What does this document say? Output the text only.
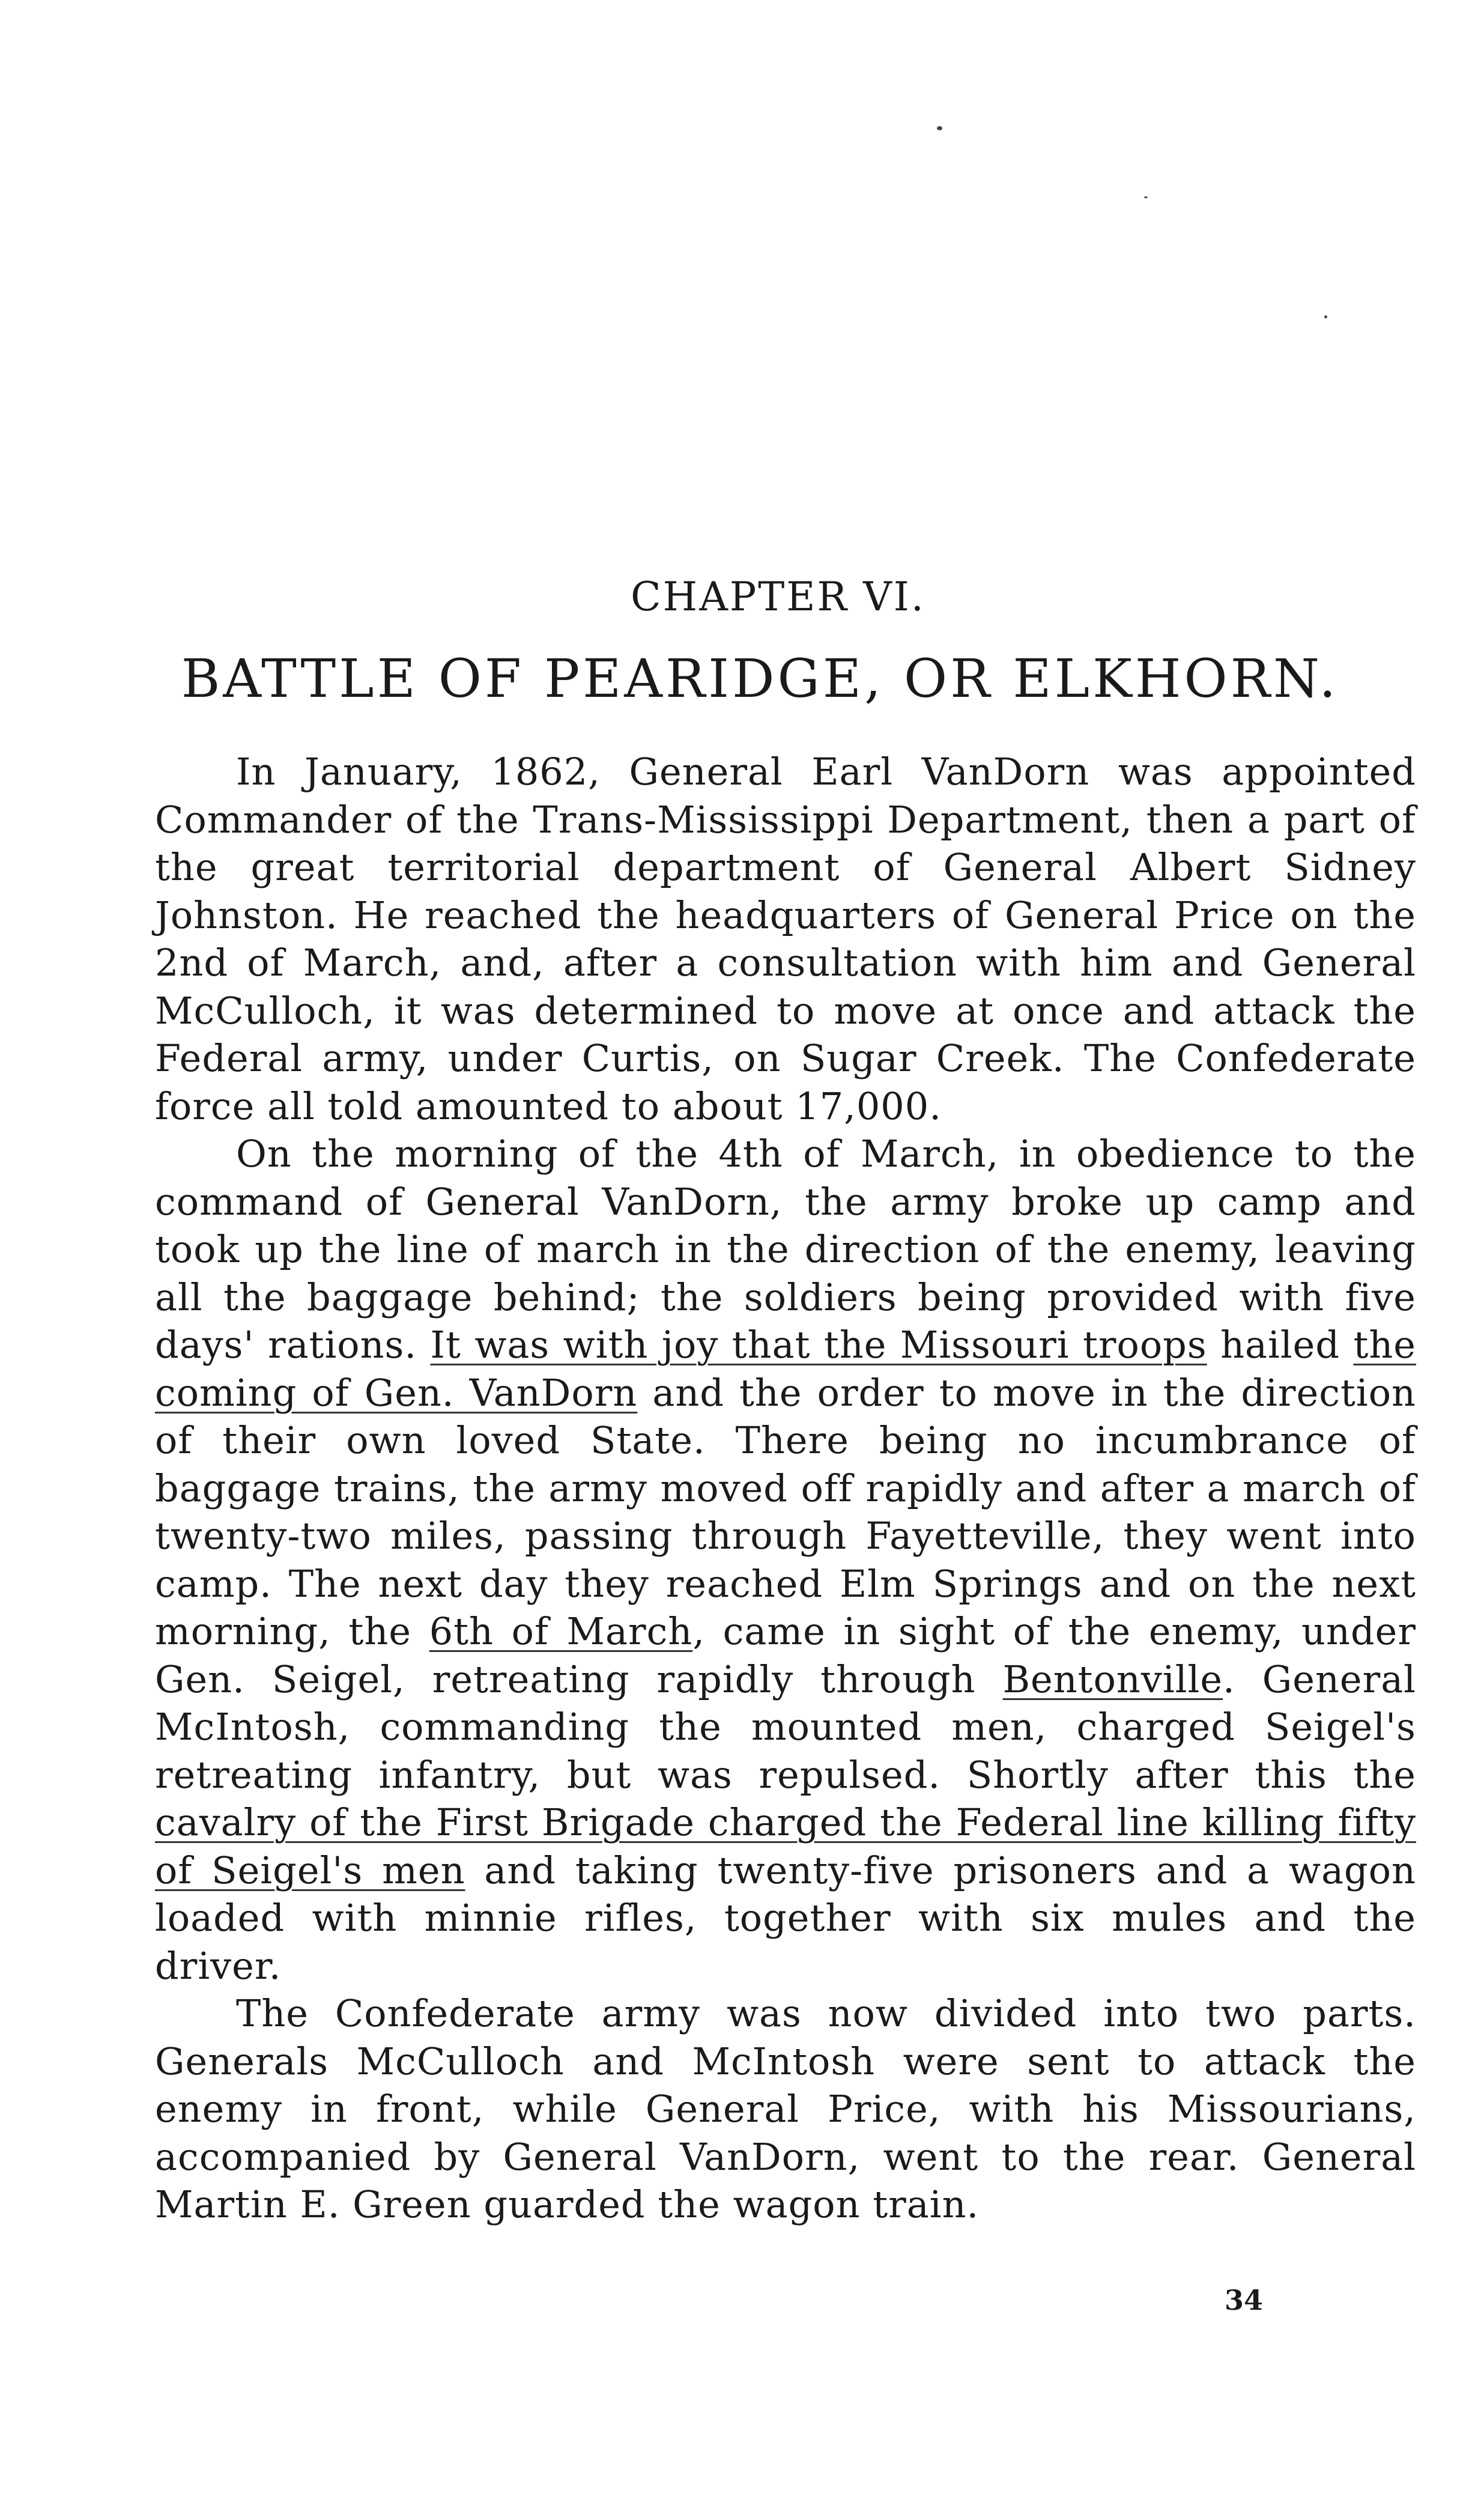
CHAPTER VI.
BATTLE OF PEARIDGE, OR ELKHORN.

In January, 1862, General Earl VanDorn was appointed Commander of the Trans-Mississippi Department, then a part of the great territorial department of General Albert Sidney Johnston. He reached the headquarters of General Price on the 2nd of March, and, after a consultation with him and General McCulloch, it was determined to move at once and attack the Federal army, under Curtis, on Sugar Creek. The Confederate force all told amounted to about 17,000.

On the morning of the 4th of March, in obedience to the command of General VanDorn, the army broke up camp and took up the line of march in the direction of the enemy, leaving all the baggage behind; the soldiers being provided with five days' rations. It was with joy that the Missouri troops hailed the coming of Gen. VanDorn and the order to move in the direction of their own loved State. There being no incumbrance of baggage trains, the army moved off rapidly and after a march of twenty-two miles, passing through Fayetteville, they went into camp. The next day they reached Elm Springs and on the next morning, the 6th of March, came in sight of the enemy, under Gen. Seigel, retreating rapidly through Bentonville. General McIntosh, commanding the mounted men, charged Seigel's retreating infantry, but was repulsed. Shortly after this the cavalry of the First Brigade charged the Federal line killing fifty of Seigel's men and taking twenty-five prisoners and a wagon loaded with minnie rifles, together with six mules and the driver.

The Confederate army was now divided into two parts. Generals McCulloch and McIntosh were sent to attack the enemy in front, while General Price, with his Missourians, accompanied by General VanDorn, went to the rear. General Martin E. Green guarded the wagon train.

34
